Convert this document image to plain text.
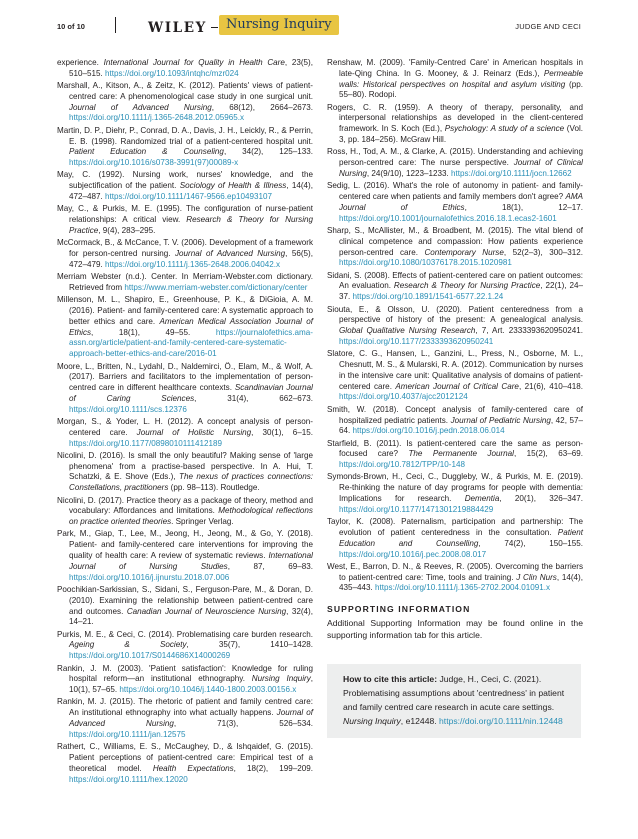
10 of 10	WILEY	Nursing Inquiry	JUDGE AND CECI

experience. International Journal for Quality in Health Care, 23(5), 510–515. https://doi.org/10.1093/intqhc/mzr024

Marshall, A., Kitson, A., & Zeitz, K. (2012). Patients' views of patient-centred care: A phenomenological case study in one surgical unit. Journal of Advanced Nursing, 68(12), 2664–2673. https://doi.org/10.1111/j.1365-2648.2012.05965.x

Martin, D. P., Diehr, P., Conrad, D. A., Davis, J. H., Leickly, R., & Perrin, E. B. (1998). Randomized trial of a patient-centered hospital unit. Patient Education & Counseling, 34(2), 125–133. https://doi.org/10.1016/s0738-3991(97)00089-x

May, C. (1992). Nursing work, nurses' knowledge, and the subjectification of the patient. Sociology of Health & Illness, 14(4), 472–487. https://doi.org/10.1111/1467-9566.ep10493107

May, C., & Purkis, M. E. (1995). The configuration of nurse-patient relationships: A critical view. Research & Theory for Nursing Practice, 9(4), 283–295.

McCormack, B., & McCance, T. V. (2006). Development of a framework for person-centred nursing. Journal of Advanced Nursing, 56(5), 472–479. https://doi.org/10.1111/j.1365-2648.2006.04042.x

Merriam Webster (n.d.). Center. In Merriam-Webster.com dictionary. Retrieved from https://www.merriam-webster.com/dictionary/center

Millenson, M. L., Shapiro, E., Greenhouse, P. K., & DiGioia, A. M. (2016). Patient- and family-centered care: A systematic approach to better ethics and care. American Medical Association Journal of Ethics, 18(1), 49–55. https://journalofethics.ama-assn.org/article/patient-and-family-centered-care-systematic-approach-better-ethics-and-care/2016-01

Moore, L., Britten, N., Lydahl, D., Naldemirci, Ö., Elam, M., & Wolf, A. (2017). Barriers and facilitators to the implementation of person-centred care in different healthcare contexts. Scandinavian Journal of Caring Sciences, 31(4), 662–673. https://doi.org/10.1111/scs.12376

Morgan, S., & Yoder, L. H. (2012). A concept analysis of person-centered care. Journal of Holistic Nursing, 30(1), 6–15. https://doi.org/10.1177/0898010111412189

Nicolini, D. (2016). Is small the only beautiful? Making sense of 'large phenomena' from a practise-based perspective. In A. Hui, T. Schatzki, & E. Shove (Eds.), The nexus of practices connections: Constellations, practitioners (pp. 98–113). Routledge.

Nicolini, D. (2017). Practice theory as a package of theory, method and vocabulary: Affordances and limitations. Methodological reflections on practice oriented theories. Springer Verlag.

Park, M., Giap, T., Lee, M., Jeong, H., Jeong, M., & Go, Y. (2018). Patient- and family-centered care interventions for improving the quality of health care: A review of systematic reviews. International Journal of Nursing Studies, 87, 69–83. https://doi.org/10.1016/j.ijnurstu.2018.07.006

Poochikian-Sarkissian, S., Sidani, S., Ferguson-Pare, M., & Doran, D. (2010). Examining the relationship between patient-centred care and outcomes. Canadian Journal of Neuroscience Nursing, 32(4), 14–21.

Purkis, M. E., & Ceci, C. (2014). Problematising care burden research. Ageing & Society, 35(7), 1410–1428. https://doi.org/10.1017/S0144686X14000269

Rankin, J. M. (2003). 'Patient satisfaction': Knowledge for ruling hospital reform—an institutional ethnography. Nursing Inquiry, 10(1), 57–65. https://doi.org/10.1046/j.1440-1800.2003.00156.x

Rankin, M. J. (2015). The rhetoric of patient and family centred care: An institutional ethnography into what actually happens. Journal of Advanced Nursing, 71(3), 526–534. https://doi.org/10.1111/jan.12575

Rathert, C., Williams, E. S., McCaughey, D., & Ishqaidef, G. (2015). Patient perceptions of patient-centred care: Empirical test of a theoretical model. Health Expectations, 18(2), 199–209. https://doi.org/10.1111/hex.12020

Renshaw, M. (2009). 'Family-Centred Care' in American hospitals in late-Qing China. In G. Mooney, & J. Reinarz (Eds.), Permeable walls: Historical perspectives on hospital and asylum visiting (pp. 55–80). Rodopi.

Rogers, C. R. (1959). A theory of therapy, personality, and interpersonal relationships as developed in the client-centered framework. In S. Koch (Ed.), Psychology: A study of a science (Vol. 3, pp. 184–256). McGraw Hill.

Ross, H., Tod, A. M., & Clarke, A. (2015). Understanding and achieving person-centred care: The nurse perspective. Journal of Clinical Nursing, 24(9/10), 1223–1233. https://doi.org/10.1111/jocn.12662

Sedig, L. (2016). What's the role of autonomy in patient- and family-centered care when patients and family members don't agree? AMA Journal of Ethics, 18(1), 12–17. https://doi.org/10.1001/journalofethics.2016.18.1.ecas2-1601

Sharp, S., McAllister, M., & Broadbent, M. (2015). The vital blend of clinical competence and compassion: How patients experience person-centred care. Contemporary Nurse, 52(2–3), 300–312. https://doi.org/10.1080/10376178.2015.1020981

Sidani, S. (2008). Effects of patient-centered care on patient outcomes: An evaluation. Research & Theory for Nursing Practice, 22(1), 24–37. https://doi.org/10.1891/1541-6577.22.1.24

Sioutа, E., & Olsson, U. (2020). Patient centeredness from a perspective of history of the present: A genealogical analysis. Global Qualitative Nursing Research, 7, Art. 2333393620950241. https://doi.org/10.1177/2333393620950241

Slatore, C. G., Hansen, L., Ganzini, L., Press, N., Osborne, M. L., Chesnutt, M. S., & Mularski, R. A. (2012). Communication by nurses in the intensive care unit: Qualitative analysis of domains of patient-centered care. American Journal of Critical Care, 21(6), 410–418. https://doi.org/10.4037/ajcc2012124

Smith, W. (2018). Concept analysis of family-centered care of hospitalized pediatric patients. Journal of Pediatric Nursing, 42, 57–64. https://doi.org/10.1016/j.pedn.2018.06.014

Starfield, B. (2011). Is patient-centered care the same as person-focused care? The Permanente Journal, 15(2), 63–69. https://doi.org/10.7812/TPP/10-148

Symonds-Brown, H., Ceci, C., Duggleby, W., & Purkis, M. E. (2019). Re-thinking the nature of day programs for people with dementia: Implications for research. Dementia, 20(1), 326–347. https://doi.org/10.1177/1471301219884429

Taylor, K. (2008). Paternalism, participation and partnership: The evolution of patient centeredness in the consultation. Patient Education and Counselling, 74(2), 150–155. https://doi.org/10.1016/j.pec.2008.08.017

West, E., Barron, D. N., & Reeves, R. (2005). Overcoming the barriers to patient-centred care: Time, tools and training. J Clin Nurs, 14(4), 435–443. https://doi.org/10.1111/j.1365-2702.2004.01091.x

SUPPORTING INFORMATION
Additional Supporting Information may be found online in the supporting information tab for this article.
How to cite this article: Judge, H., Ceci, C. (2021). Problematising assumptions about 'centredness' in patient and family centred care research in acute care settings. Nursing Inquiry, e12448. https://doi.org/10.1111/nin.12448
